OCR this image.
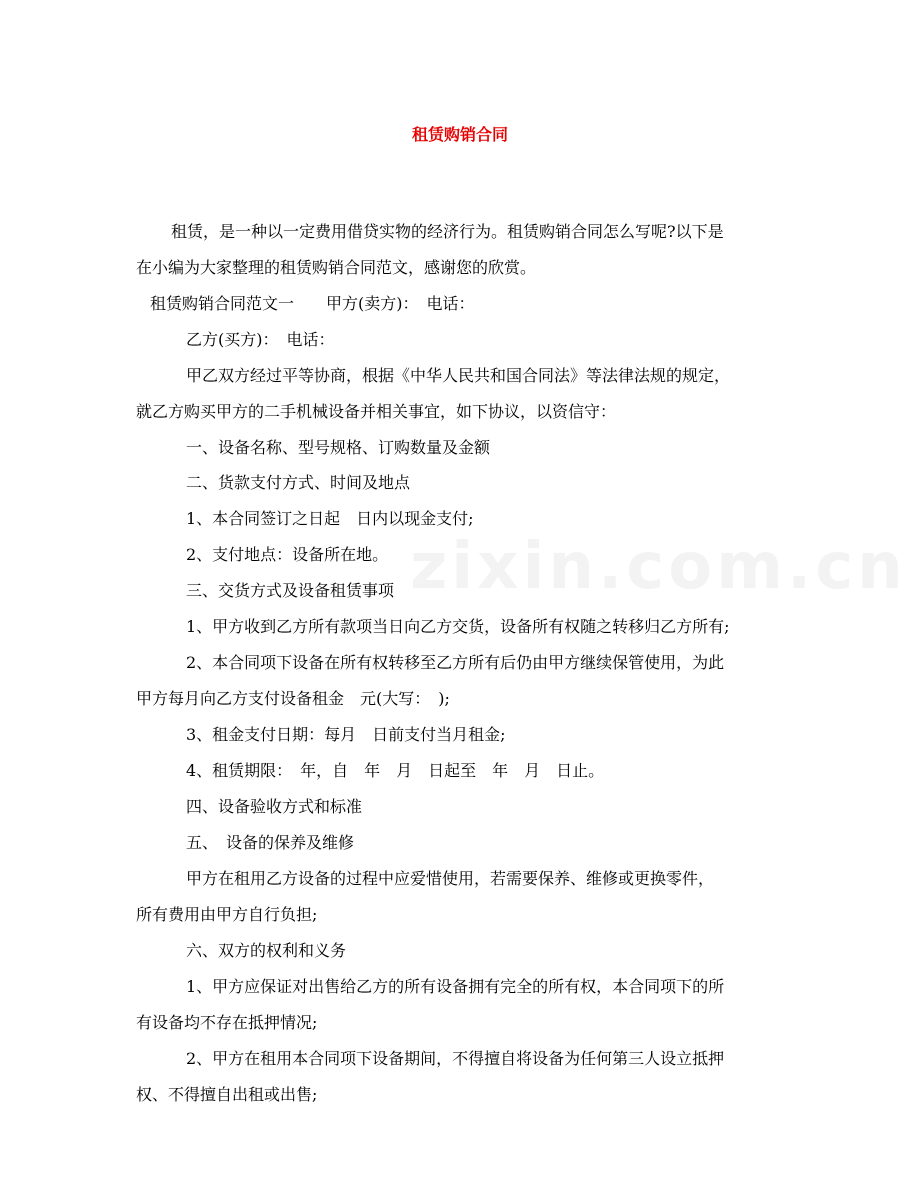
zixin.com.cn
租赁购销合同
租赁，是一种以一定费用借贷实物的经济行为。租赁购销合同怎么写呢?以下是
在小编为大家整理的租赁购销合同范文，感谢您的欣赏。
租赁购销合同范文一　　甲方(卖方)：　电话：
乙方(买方)：　电话：
甲乙双方经过平等协商，根据《中华人民共和国合同法》等法律法规的规定，
就乙方购买甲方的二手机械设备并相关事宜，如下协议，以资信守：
一、设备名称、型号规格、订购数量及金额
二、货款支付方式、时间及地点
1、本合同签订之日起　日内以现金支付;
2、支付地点：设备所在地。
三、交货方式及设备租赁事项
1、甲方收到乙方所有款项当日向乙方交货，设备所有权随之转移归乙方所有;
2、本合同项下设备在所有权转移至乙方所有后仍由甲方继续保管使用，为此
甲方每月向乙方支付设备租金　元(大写：　);
3、租金支付日期：每月　日前支付当月租金;
4、租赁期限：　年，自　年　月　日起至　年　月　日止。
四、设备验收方式和标准
五、　设备的保养及维修
甲方在租用乙方设备的过程中应爱惜使用，若需要保养、维修或更换零件，
所有费用由甲方自行负担;
六、双方的权利和义务
1、甲方应保证对出售给乙方的所有设备拥有完全的所有权，本合同项下的所
有设备均不存在抵押情况;
2、甲方在租用本合同项下设备期间，不得擅自将设备为任何第三人设立抵押
权、不得擅自出租或出售;
